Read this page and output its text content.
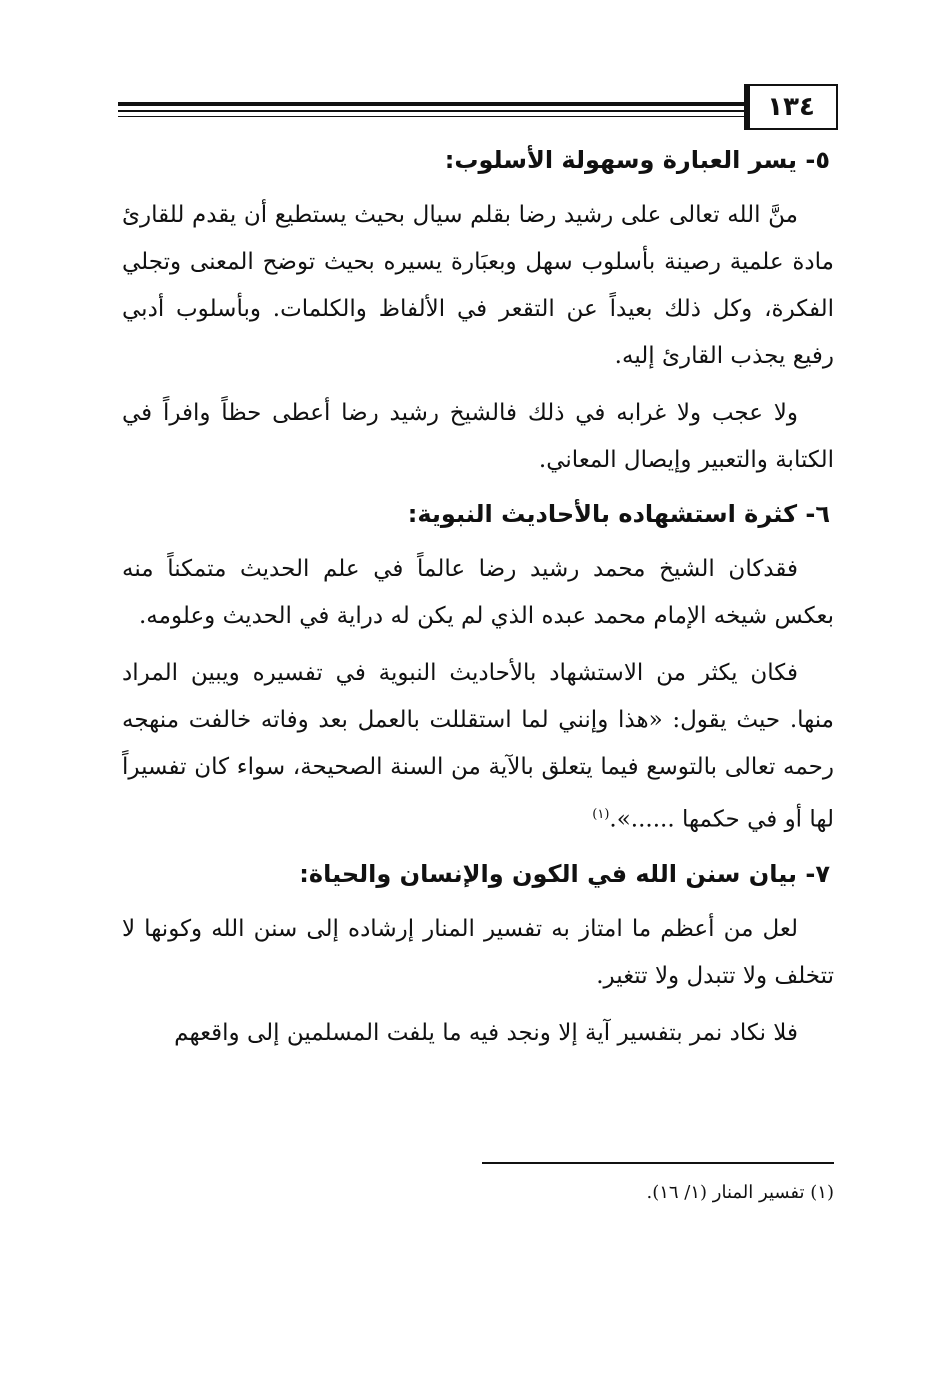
١٣٤
٥- يسر العبارة وسهولة الأسلوب:

منَّ الله تعالى على رشيد رضا بقلم سيال بحيث يستطيع أن يقدم للقارئ مادة علمية رصينة بأسلوب سهل وبعبَارة يسيره بحيث توضح المعنى وتجلي الفكرة، وكل ذلك بعيداً عن التقعر في الألفاظ والكلمات. وبأسلوب أدبي رفيع يجذب القارئ إليه.

ولا عجب ولا غرابه في ذلك فالشيخ رشيد رضا أعطى حظاً وافراً في الكتابة والتعبير وإيصال المعاني.

٦- كثرة استشهاده بالأحاديث النبوية:

فقدكان الشيخ محمد رشيد رضا عالماً في علم الحديث متمكناً منه بعكس شيخه الإمام محمد عبده الذي لم يكن له دراية في الحديث وعلومه.

فكان يكثر من الاستشهاد بالأحاديث النبوية في تفسيره ويبين المراد منها. حيث يقول: «هذا وإنني لما استقللت بالعمل بعد وفاته خالفت منهجه رحمه تعالى بالتوسع فيما يتعلق بالآية من السنة الصحيحة، سواء كان تفسيراً لها أو في حكمها ......».$^{(١)}$

٧- بيان سنن الله في الكون والإنسان والحياة:

لعل من أعظم ما امتاز به تفسير المنار إرشاده إلى سنن الله وكونها لا تتخلف ولا تتبدل ولا تتغير.

فلا نكاد نمر بتفسير آية إلا ونجد فيه ما يلفت المسلمين إلى واقعهم

(١) تفسير المنار (١/ ١٦).
